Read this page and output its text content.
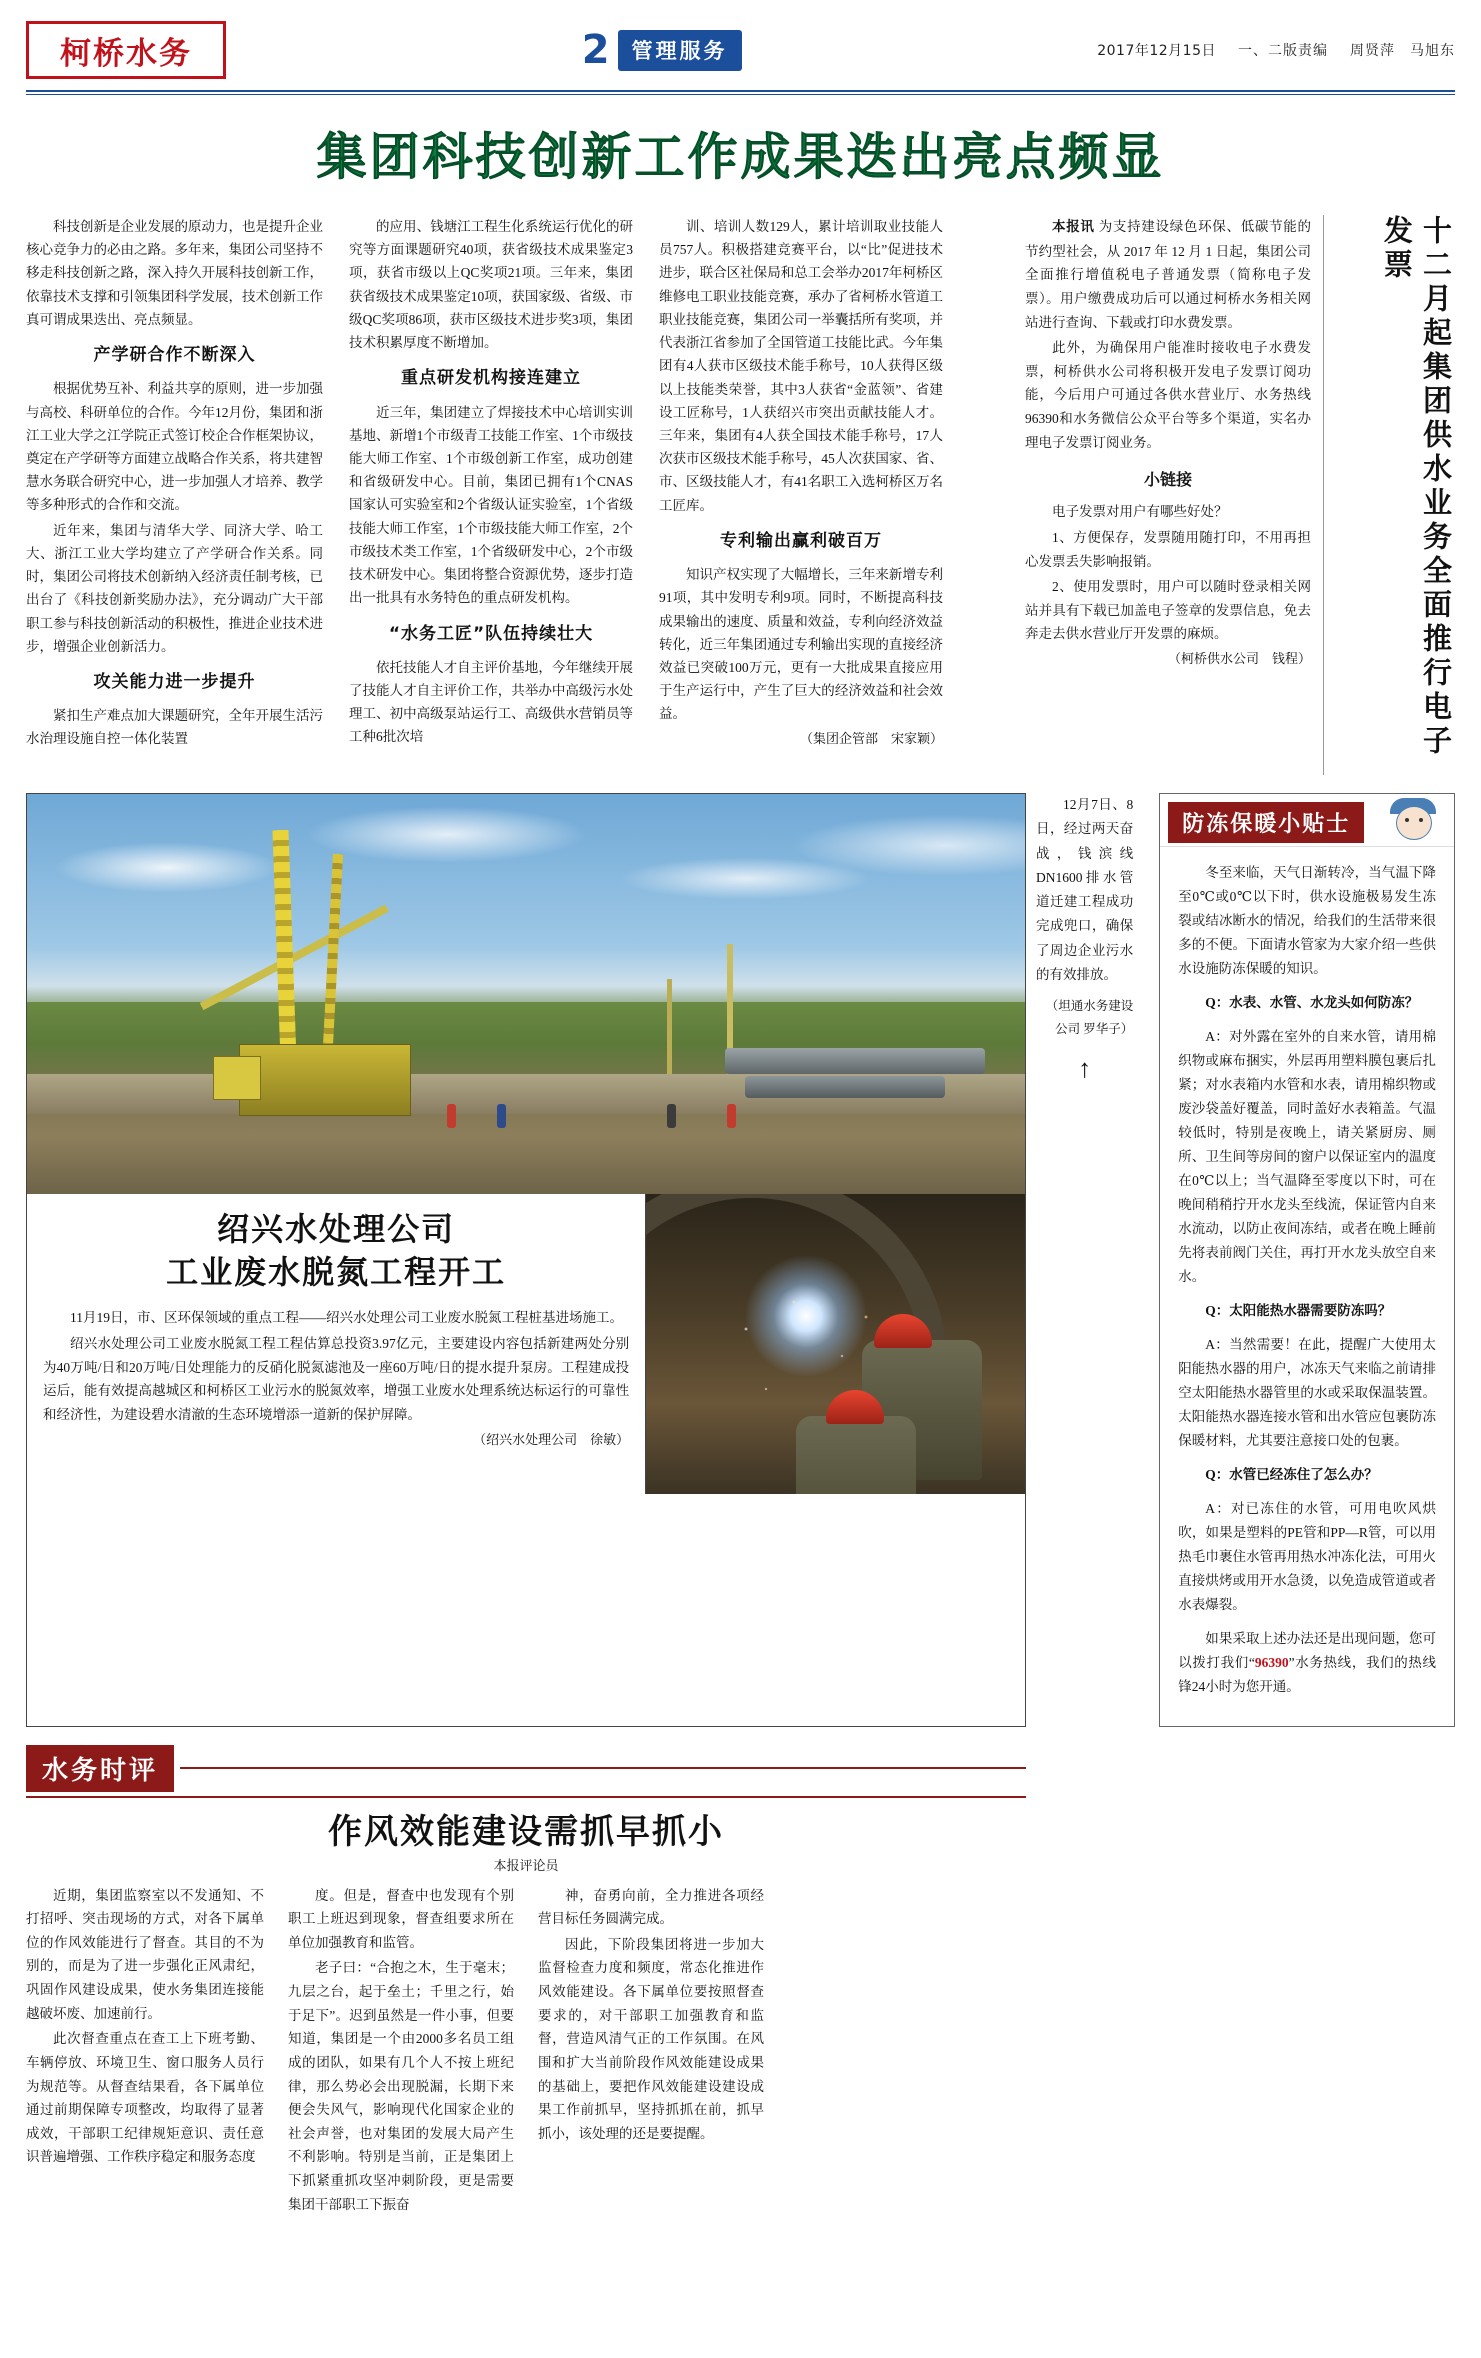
柯桥水务	2	管理服务	2017年12月15日 一、二版责编 周贤萍　马旭东
集团科技创新工作成果迭出亮点频显

科技创新是企业发展的原动力，也是提升企业核心竞争力的必由之路。多年来，集团公司坚持不移走科技创新之路，深入持久开展科技创新工作，依靠技术支撑和引领集团科学发展，技术创新工作真可谓成果迭出、亮点频显。

产学研合作不断深入

根据优势互补、利益共享的原则，进一步加强与高校、科研单位的合作。今年12月份，集团和浙江工业大学之江学院正式签订校企合作框架协议，奠定在产学研等方面建立战略合作关系，将共建智慧水务联合研究中心，进一步加强人才培养、教学等多种形式的合作和交流。

近年来，集团与清华大学、同济大学、哈工大、浙江工业大学均建立了产学研合作关系。同时，集团公司将技术创新纳入经济责任制考核，已出台了《科技创新奖励办法》，充分调动广大干部职工参与科技创新活动的积极性，推进企业技术进步，增强企业创新活力。

攻关能力进一步提升

紧扣生产难点加大课题研究，全年开展生活污水治理设施自控一体化装置

的应用、钱塘江工程生化系统运行优化的研究等方面课题研究40项，获省级技术成果鉴定3项，获省市级以上QC奖项21项。三年来，集团获省级技术成果鉴定10项，获国家级、省级、市级QC奖项86项，获市区级技术进步奖3项，集团技术积累厚度不断增加。

重点研发机构接连建立

近三年，集团建立了焊接技术中心培训实训基地、新增1个市级青工技能工作室、1个市级技能大师工作室、1个市级创新工作室，成功创建和省级研发中心。目前，集团已拥有1个CNAS国家认可实验室和2个省级认证实验室，1个省级技能大师工作室，1个市级技能大师工作室，2个市级技术类工作室，1个省级研发中心，2个市级技术研发中心。集团将整合资源优势，逐步打造出一批具有水务特色的重点研发机构。

“水务工匠”队伍持续壮大

依托技能人才自主评价基地，今年继续开展了技能人才自主评价工作，共举办中高级污水处理工、初中高级泵站运行工、高级供水营销员等工种6批次培

训、培训人数129人，累计培训取业技能人员757人。积极搭建竞赛平台，以“比”促进技术进步，联合区社保局和总工会举办2017年柯桥区维修电工职业技能竞赛，承办了省柯桥水管道工职业技能竞赛，集团公司一举囊括所有奖项，并代表浙江省参加了全国管道工技能比武。今年集团有4人获市区级技术能手称号，10人获得区级以上技能类荣誉，其中3人获省“金蓝领”、省建设工匠称号，1人获绍兴市突出贡献技能人才。三年来，集团有4人获全国技术能手称号，17人次获市区级技术能手称号，45人次获国家、省、市、区级技能人才，有41名职工入选柯桥区万名工匠库。

专利输出赢利破百万

知识产权实现了大幅增长，三年来新增专利91项，其中发明专利9项。同时，不断提高科技成果输出的速度、质量和效益，专利向经济效益转化，近三年集团通过专利输出实现的直接经济效益已突破100万元，更有一大批成果直接应用于生产运行中，产生了巨大的经济效益和社会效益。

（集团企管部　宋家颖）

本报讯 为支持建设绿色环保、低碳节能的节约型社会，从 2017 年 12 月 1 日起，集团公司全面推行增值税电子普通发票（简称电子发票）。用户缴费成功后可以通过柯桥水务相关网站进行查询、下载或打印水费发票。

此外，为确保用户能准时接收电子水费发票，柯桥供水公司将积极开发电子发票订阅功能，今后用户可通过各供水营业厅、水务热线96390和水务微信公众平台等多个渠道，实名办理电子发票订阅业务。

小链接

电子发票对用户有哪些好处？

1、方便保存，发票随用随打印，不用再担心发票丢失影响报销。

2、使用发票时，用户可以随时登录相关网站并具有下载已加盖电子签章的发票信息，免去奔走去供水营业厅开发票的麻烦。

（柯桥供水公司　钱程）	十二月起集团供水业务全面推行电子发票
绍兴水处理公司
工业废水脱氮工程开工

11月19日，市、区环保领域的重点工程——绍兴水处理公司工业废水脱氮工程桩基进场施工。

绍兴水处理公司工业废水脱氮工程工程估算总投资3.97亿元，主要建设内容包括新建两处分别为40万吨/日和20万吨/日处理能力的反硝化脱氮滤池及一座60万吨/日的提水提升泵房。工程建成投运后，能有效提高越城区和柯桥区工业污水的脱氮效率，增强工业废水处理系统达标运行的可靠性和经济性，为建设碧水清澈的生态环境增添一道新的保护屏障。

（绍兴水处理公司　徐敏）

12月7日、8日，经过两天奋战，钱滨线DN1600排水管道迁建工程成功完成兜口，确保了周边企业污水的有效排放。

（坦通水务建设公司 罗华子）

↑
防冻保暖小贴士

冬至来临，天气日渐转冷，当气温下降至0℃或0℃以下时，供水设施极易发生冻裂或结冰断水的情况，给我们的生活带来很多的不便。下面请水管家为大家介绍一些供水设施防冻保暖的知识。

Q：水表、水管、水龙头如何防冻？

A：对外露在室外的自来水管，请用棉织物或麻布捆实，外层再用塑料膜包裹后扎紧；对水表箱内水管和水表，请用棉织物或废沙袋盖好覆盖，同时盖好水表箱盖。气温较低时，特别是夜晚上，请关紧厨房、厕所、卫生间等房间的窗户以保证室内的温度在0℃以上；当气温降至零度以下时，可在晚间稍稍拧开水龙头至线流，保证管内自来水流动，以防止夜间冻结，或者在晚上睡前先将表前阀门关住，再打开水龙头放空自来水。

Q：太阳能热水器需要防冻吗？

A：当然需要！在此，提醒广大使用太阳能热水器的用户，冰冻天气来临之前请排空太阳能热水器管里的水或采取保温装置。太阳能热水器连接水管和出水管应包裹防冻保暖材料，尤其要注意接口处的包裹。

Q：水管已经冻住了怎么办？

A：对已冻住的水管，可用电吹风烘吹，如果是塑料的PE管和PP—R管，可以用热毛巾裹住水管再用热水冲冻化法，可用火直接烘烤或用开水急烫，以免造成管道或者水表爆裂。

如果采取上述办法还是出现问题，您可以拨打我们“96390”水务热线，我们的热线锋24小时为您开通。

水务时评
作风效能建设需抓早抓小
本报评论员

近期，集团监察室以不发通知、不打招呼、突击现场的方式，对各下属单位的作风效能进行了督查。其目的不为别的，而是为了进一步强化正风肃纪，巩固作风建设成果，使水务集团连接能越破坏废、加速前行。

此次督查重点在查工上下班考勤、车辆停放、环境卫生、窗口服务人员行为规范等。从督查结果看，各下属单位通过前期保障专项整改，均取得了显著成效，干部职工纪律规矩意识、责任意识普遍增强、工作秩序稳定和服务态度

度。但是，督查中也发现有个别职工上班迟到现象，督查组要求所在单位加强教育和监管。

老子曰：“合抱之木，生于毫末；九层之台，起于垒土；千里之行，始于足下”。迟到虽然是一件小事，但要知道，集团是一个由2000多名员工组成的团队，如果有几个人不按上班纪律，那么势必会出现脱漏，长期下来便会失风气，影响现代化国家企业的社会声誉，也对集团的发展大局产生不利影响。特别是当前，正是集团上下抓紧重抓攻坚冲刺阶段，更是需要集团干部职工下振奋

神，奋勇向前，全力推进各项经营目标任务圆满完成。

因此，下阶段集团将进一步加大监督检查力度和频度，常态化推进作风效能建设。各下属单位要按照督查要求的，对干部职工加强教育和监督，营造风清气正的工作氛围。在风围和扩大当前阶段作风效能建设成果的基础上，要把作风效能建设建设成果工作前抓早，坚持抓抓在前，抓早抓小，该处理的还是要提醒。
